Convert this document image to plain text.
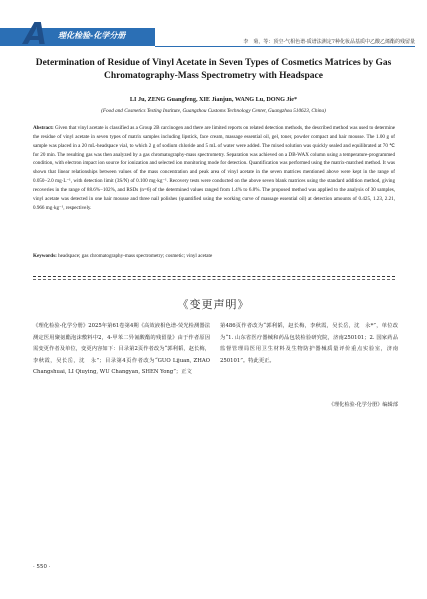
A	理化检验-化学分册
李　菊，等：顶空-气相色谱-质谱法测定7种化妆品基质中乙酸乙烯酯的残留量
Determination of Residue of Vinyl Acetate in Seven Types of Cosmetics Matrices by Gas Chromatography-Mass Spectrometry with Headspace
LI Ju, ZENG Guangfeng, XIE Jianjun, WANG Lu, DONG Jie*
(Food and Cosmetics Testing Institute, Guangzhou Customs Technology Center, Guangzhou 510623, China)
Abstract: Given that vinyl acetate is classified as a Group 2B carcinogen and there are limited reports on related detection methods, the described method was used to determine the residue of vinyl acetate in seven types of matrix samples including lipstick, face cream, massage essential oil, gel, toner, powder compact and hair mousse. The 1.00 g of sample was placed in a 20 mL-headspace vial, to which 2 g of sodium chloride and 5 mL of water were added. The mixed solution was quickly sealed and equilibrated at 70 ℃ for 20 min. The resulting gas was then analyzed by a gas chromatography-mass spectrometry. Separation was achieved on a DB-WAX column using a temperature-programmed condition, with electron impact ion source for ionization and selected ion monitoring mode for detection. Quantification was performed using the matrix-matched method. It was shown that linear relationships between values of the mass concentration and peak area of vinyl acetate in the seven matrices mentioned above were kept in the range of 0.050−2.0 mg·L⁻¹, with detection limit (3S/N) of 0.100 mg·kg⁻¹. Recovery tests were conducted on the above seven blank matrices using the standard addition method, giving recoveries in the range of 88.6%−102%, and RSDs (n=6) of the determined values ranged from 1.4% to 6.8%. The proposed method was applied to the analysis of 30 samples, vinyl acetate was detected in one hair mousse and three nail polishes (quantified using the working curve of massage essential oil) at detection amounts of 0.425, 1.23, 2.21, 0.966 mg·kg⁻¹, respectively.
Keywords: headspace; gas chromatography-mass spectrometry; cosmetic; vinyl acetate
《变更声明》

《理化检验-化学分册》2025年第61卷第4期《高效液相色谱-荧光检测器法测定医用聚氨酯泡沫敷料中2，4-甲苯二异氰酸酯的残留量》由于作者原因需变更作者及单位，变更内容如下：目录第2页作者改为“郭利韬，赵长梅，李秋霞，吴长岳，沈　永”；目录第4页作者改为“GUO Lijuan, ZHAO Changshuai, LI Qiuying, WU Changyan, SHEN Yong”；正文

第486页作者改为“郭利韬，赵长梅，李秋霞，吴长岳，沈　永*”，单位改为“1. 山东省医疗器械和药品包装检验研究院，济南250101；2. 国家药品监督管理局医用卫生材料及生物防护器械质量评价重点实验室，济南250101”。特此更正。

《理化检验-化学分册》编辑部
· 550 ·
